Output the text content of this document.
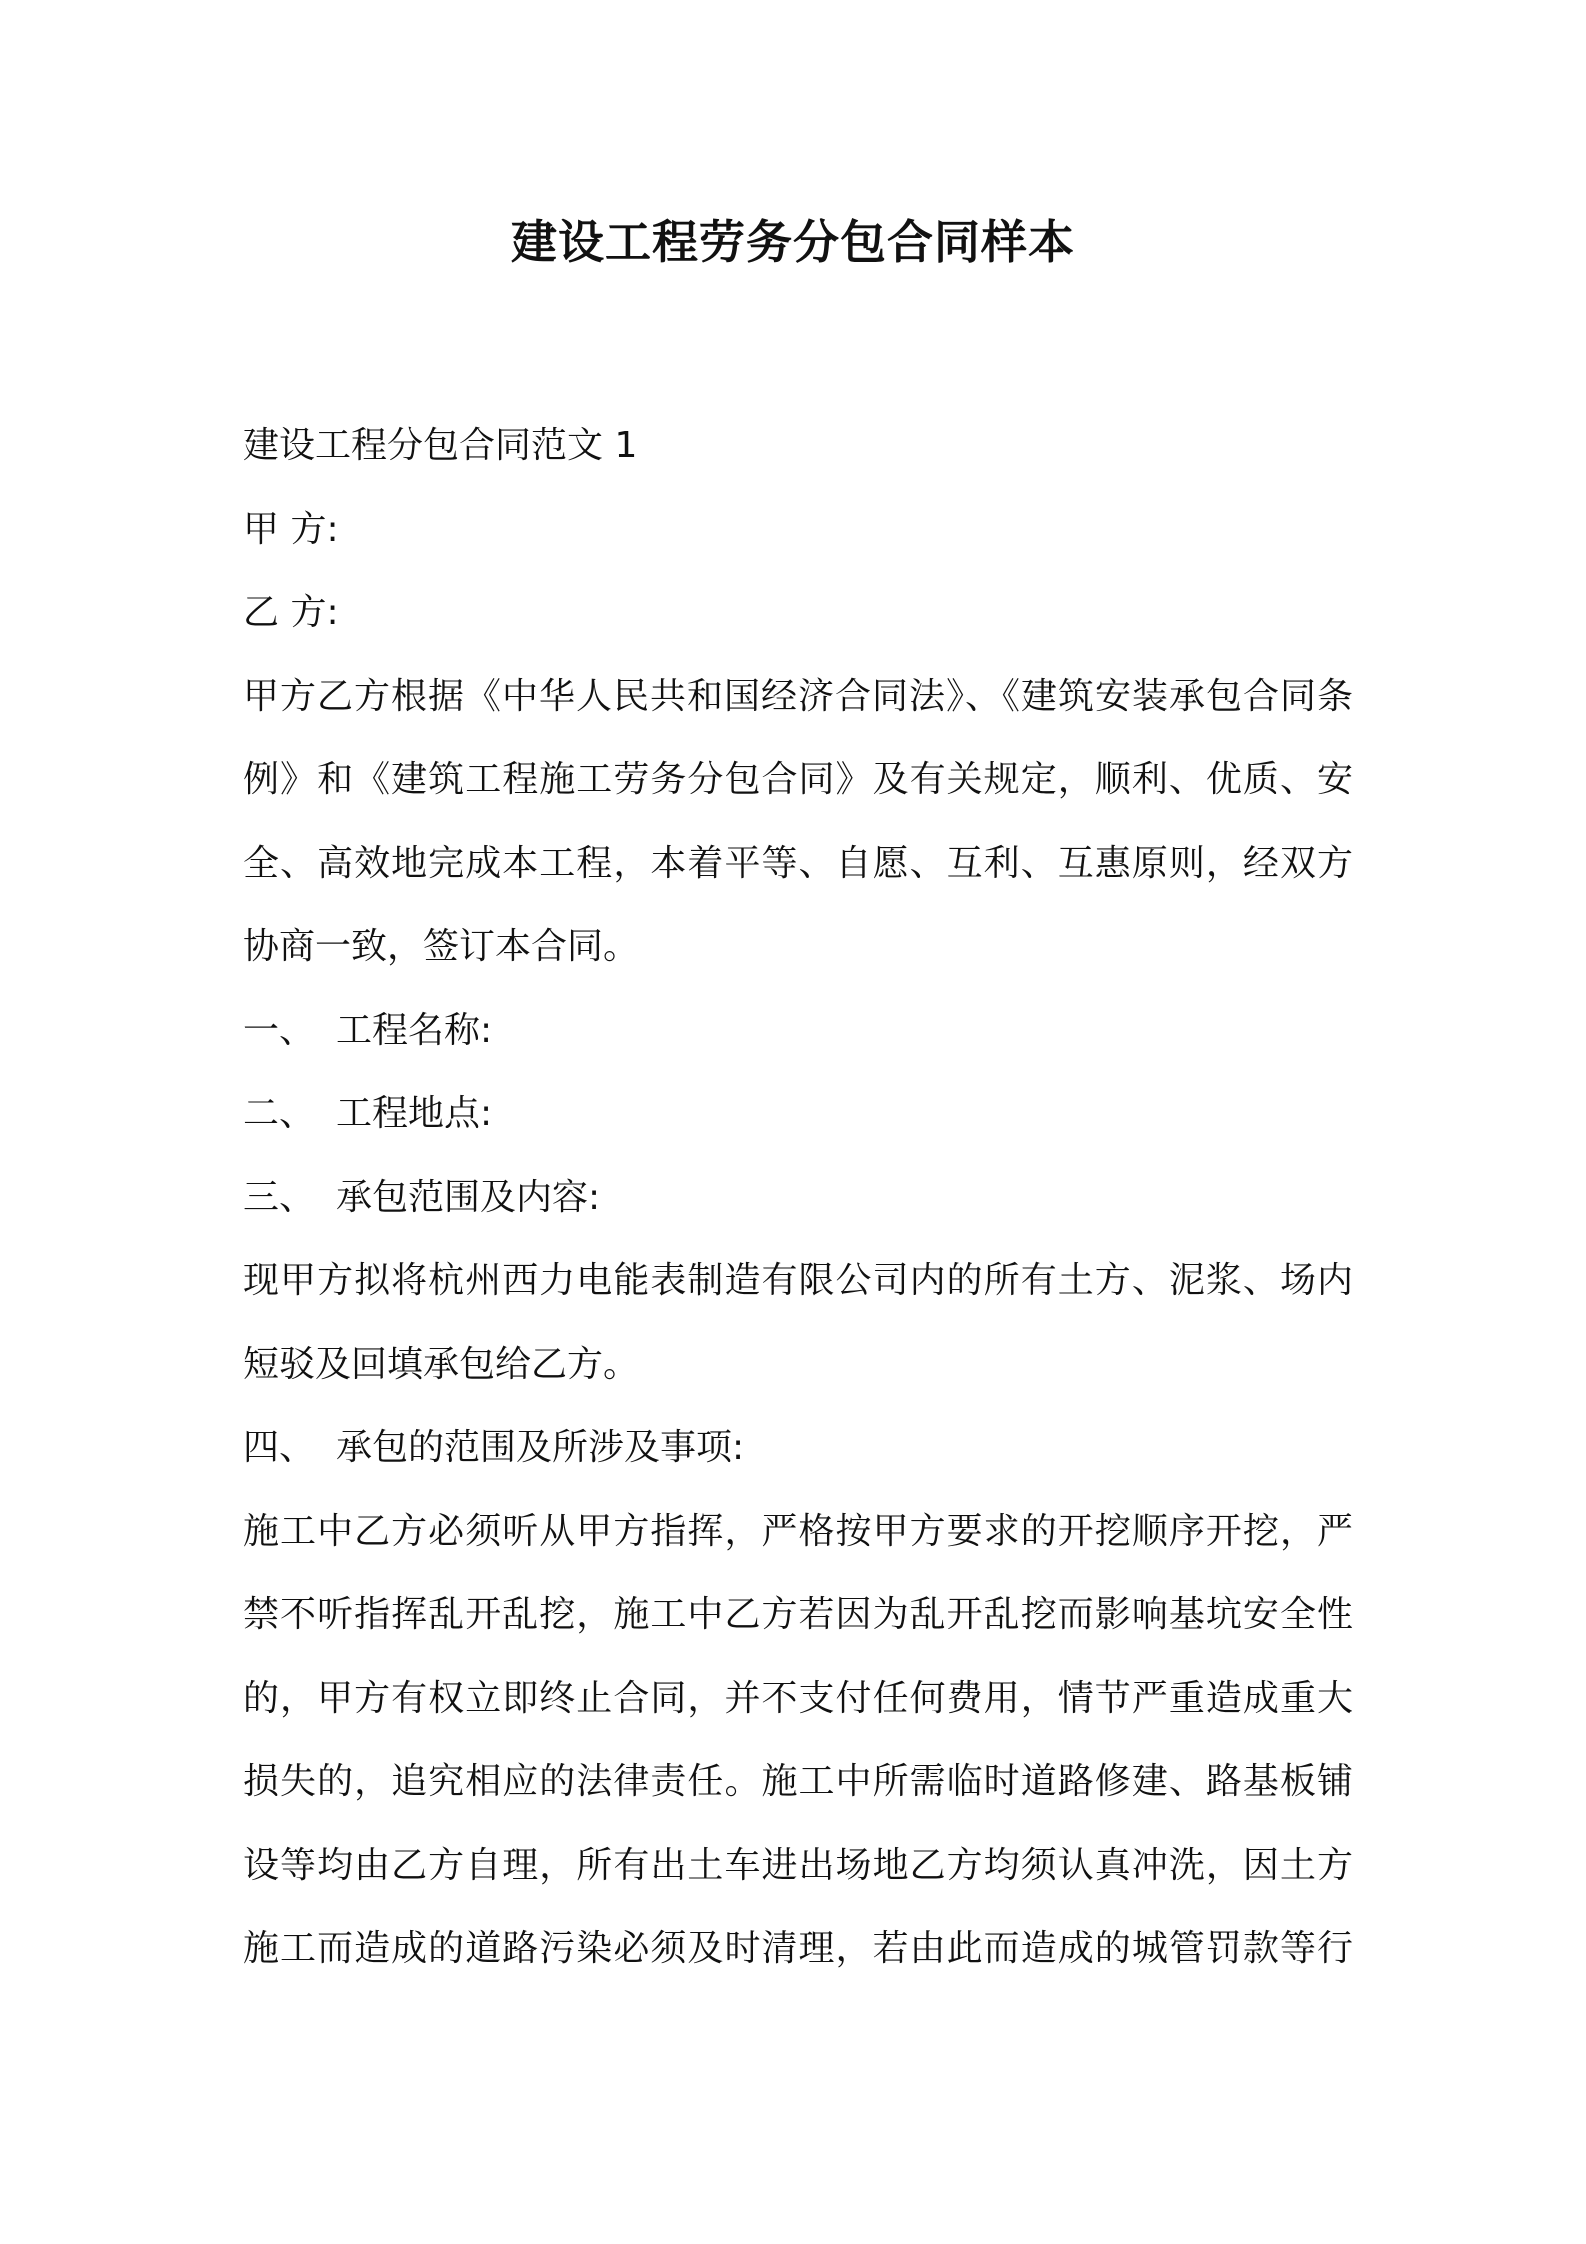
建设工程劳务分包合同样本
建设工程分包合同范文 1
甲 方:
乙 方:
甲方乙方根据《中华人民共和国经济合同法》、《建筑安装承包合同条
例》和《建筑工程施工劳务分包合同》及有关规定，顺利、优质、安
全、高效地完成本工程，本着平等、自愿、互利、互惠原则，经双方
协商一致，签订本合同。
一、 工程名称:
二、 工程地点:
三、 承包范围及内容:
现甲方拟将杭州西力电能表制造有限公司内的所有土方、泥浆、场内
短驳及回填承包给乙方。
四、 承包的范围及所涉及事项:
施工中乙方必须听从甲方指挥，严格按甲方要求的开挖顺序开挖，严
禁不听指挥乱开乱挖，施工中乙方若因为乱开乱挖而影响基坑安全性
的，甲方有权立即终止合同，并不支付任何费用，情节严重造成重大
损失的，追究相应的法律责任。施工中所需临时道路修建、路基板铺
设等均由乙方自理，所有出土车进出场地乙方均须认真冲洗，因土方
施工而造成的道路污染必须及时清理，若由此而造成的城管罚款等行
